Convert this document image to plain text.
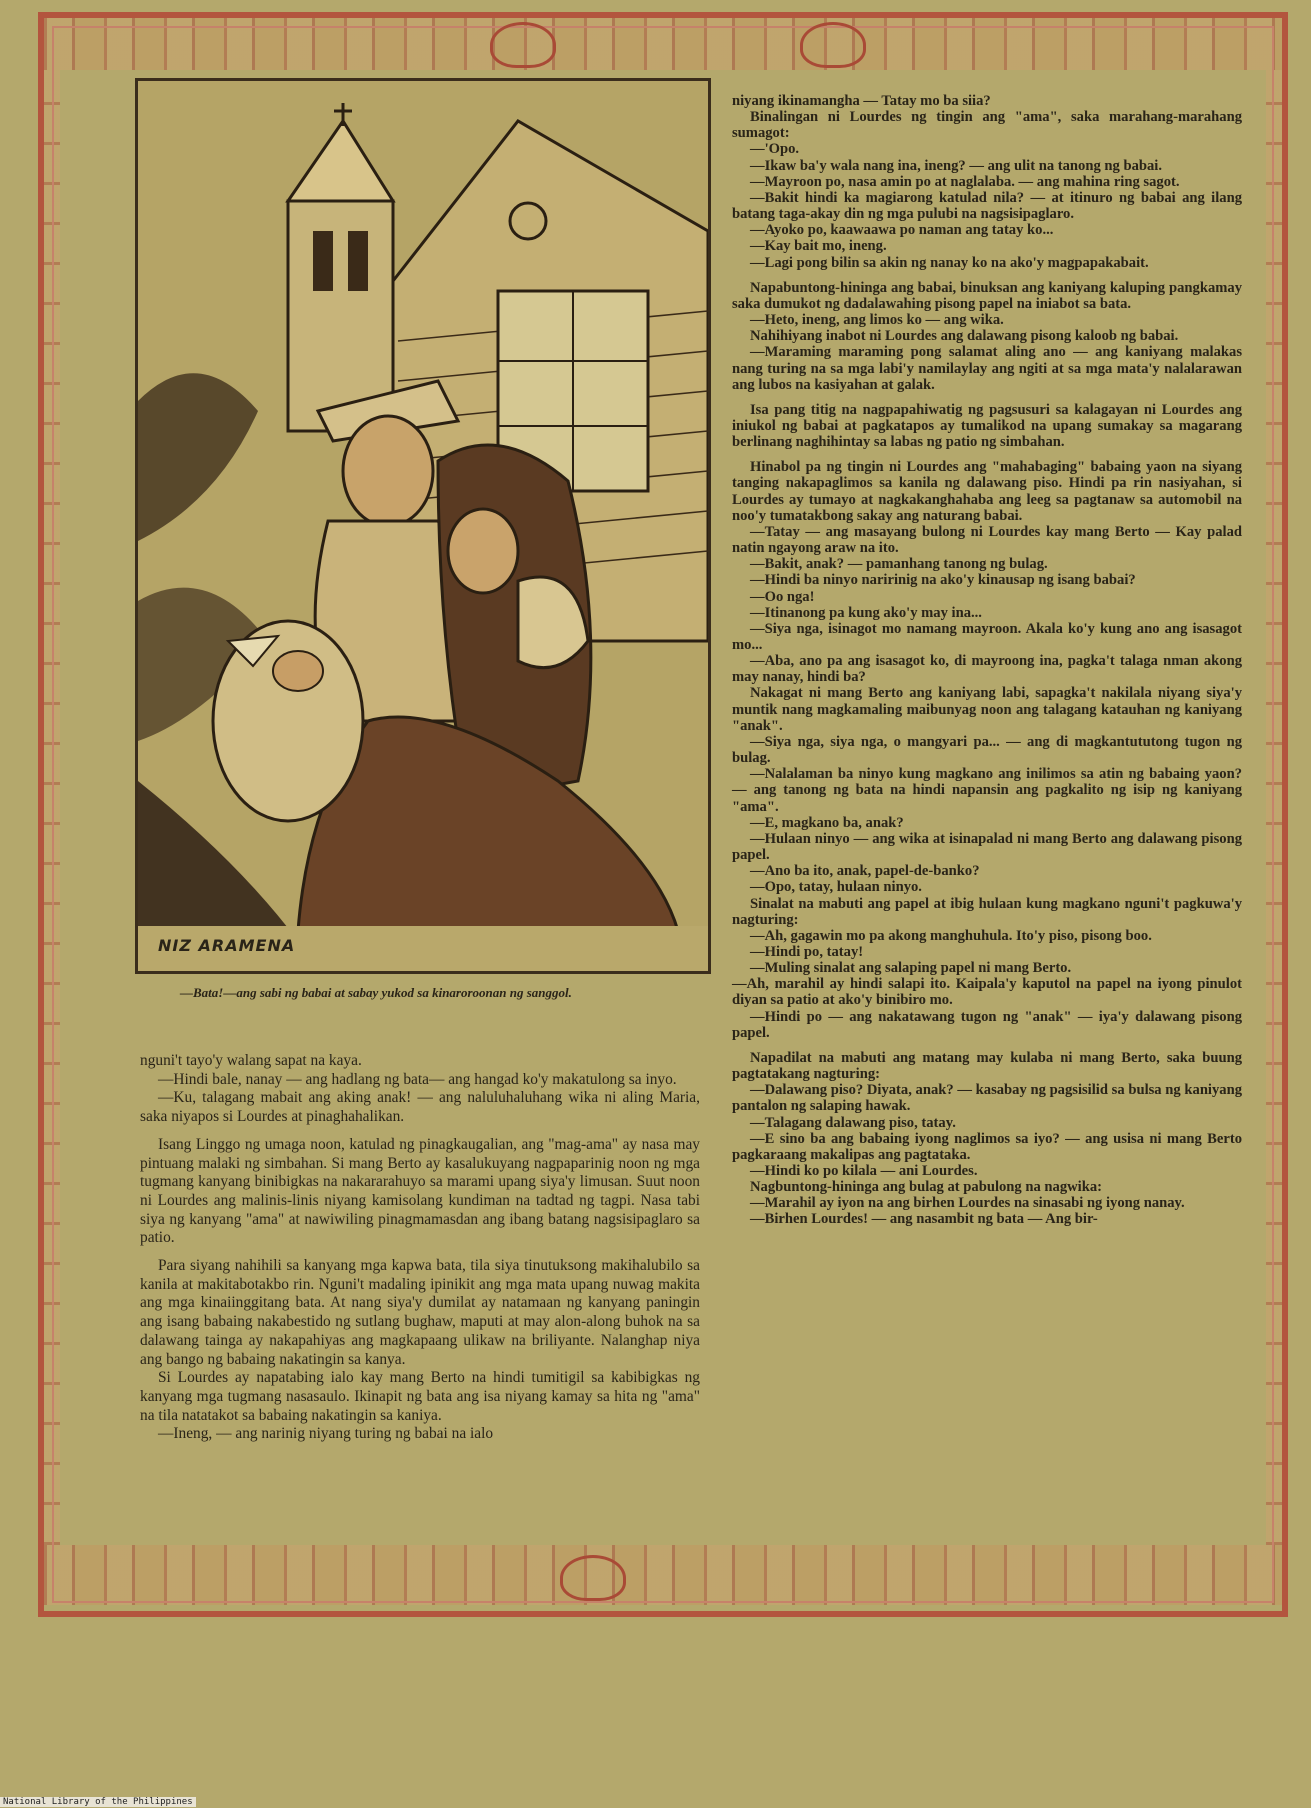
NIZ ARAMENA
—Bata!—ang sabi ng babai at sabay yukod sa kinaroroonan ng sanggol.

nguni't tayo'y walang sapat na kaya.

—Hindi bale, nanay — ang hadlang ng bata— ang hangad ko'y makatulong sa inyo.

—Ku, talagang mabait ang aking anak! — ang naluluhaluhang wika ni aling Maria, saka niyapos si Lourdes at pinaghahalikan.

Isang Linggo ng umaga noon, katulad ng pinagkaugalian, ang "mag-ama" ay nasa may pintuang malaki ng simbahan. Si mang Berto ay kasalukuyang nagpaparinig noon ng mga tugmang kanyang binibigkas na nakararahuyo sa marami upang siya'y limusan. Suut noon ni Lourdes ang malinis-linis niyang kamisolang kundiman na tadtad ng tagpi. Nasa tabi siya ng kanyang "ama" at nawiwiling pinagmamasdan ang ibang batang nagsisipaglaro sa patio.

Para siyang nahihili sa kanyang mga kapwa bata, tila siya tinutuksong makihalubilo sa kanila at makitabotakbo rin. Nguni't madaling ipinikit ang mga mata upang nuwag makita ang mga kinaiinggitang bata. At nang siya'y dumilat ay natamaan ng kanyang paningin ang isang babaing nakabestido ng sutlang bughaw, maputi at may alon-along buhok na sa dalawang tainga ay nakapahiyas ang magkapaang ulikaw na briliyante. Nalanghap niya ang bango ng babaing nakatingin sa kanya.

Si Lourdes ay napatabing ialo kay mang Berto na hindi tumitigil sa kabibigkas ng kanyang mga tugmang nasasaulo. Ikinapit ng bata ang isa niyang kamay sa hita ng "ama" na tila natatakot sa babaing nakatingin sa kaniya.

—Ineng, — ang narinig niyang turing ng babai na ialo

niyang ikinamangha — Tatay mo ba siia?

Binalingan ni Lourdes ng tingin ang "ama", saka marahang-marahang sumagot:

—'Opo.

—Ikaw ba'y wala nang ina, ineng? — ang ulit na tanong ng babai.

—Mayroon po, nasa amin po at naglalaba. — ang mahina ring sagot.

—Bakit hindi ka magiarong katulad nila? — at itinuro ng babai ang ilang batang taga-akay din ng mga pulubi na nagsisipaglaro.

—Ayoko po, kaawaawa po naman ang tatay ko...

—Kay bait mo, ineng.

—Lagi pong bilin sa akin ng nanay ko na ako'y magpapakabait.

Napabuntong-hininga ang babai, binuksan ang kaniyang kaluping pangkamay saka dumukot ng dadalawahing pisong papel na iniabot sa bata.

—Heto, ineng, ang limos ko — ang wika.

Nahihiyang inabot ni Lourdes ang dalawang pisong kaloob ng babai.

—Maraming maraming pong salamat aling ano — ang kaniyang malakas nang turing na sa mga labi'y namilaylay ang ngiti at sa mga mata'y nalalarawan ang lubos na kasiyahan at galak.

Isa pang titig na nagpapahiwatig ng pagsusuri sa kalagayan ni Lourdes ang iniukol ng babai at pagkatapos ay tumalikod na upang sumakay sa magarang berlinang naghihintay sa labas ng patio ng simbahan.

Hinabol pa ng tingin ni Lourdes ang "mahabaging" babaing yaon na siyang tanging nakapaglimos sa kanila ng dalawang piso. Hindi pa rin nasiyahan, si Lourdes ay tumayo at nagkakanghahaba ang leeg sa pagtanaw sa automobil na noo'y tumatakbong sakay ang naturang babai.

—Tatay — ang masayang bulong ni Lourdes kay mang Berto — Kay palad natin ngayong araw na ito.

—Bakit, anak? — pamanhang tanong ng bulag.

—Hindi ba ninyo naririnig na ako'y kinausap ng isang babai?

—Oo nga!

—Itinanong pa kung ako'y may ina...

—Siya nga, isinagot mo namang mayroon. Akala ko'y kung ano ang isasagot mo...

—Aba, ano pa ang isasagot ko, di mayroong ina, pagka't talaga nman akong may nanay, hindi ba?

Nakagat ni mang Berto ang kaniyang labi, sapagka't nakilala niyang siya'y muntik nang magkamaling maibunyag noon ang talagang katauhan ng kaniyang "anak".

—Siya nga, siya nga, o mangyari pa... — ang di magkantututong tugon ng bulag.

—Nalalaman ba ninyo kung magkano ang inilimos sa atin ng babaing yaon? — ang tanong ng bata na hindi napansin ang pagkalito ng isip ng kaniyang "ama".

—E, magkano ba, anak?

—Hulaan ninyo — ang wika at isinapalad ni mang Berto ang dalawang pisong papel.

—Ano ba ito, anak, papel-de-banko?

—Opo, tatay, hulaan ninyo.

Sinalat na mabuti ang papel at ibig hulaan kung magkano nguni't pagkuwa'y nagturing:

—Ah, gagawin mo pa akong manghuhula. Ito'y piso, pisong boo.

—Hindi po, tatay!

—Muling sinalat ang salaping papel ni mang Berto.

—Ah, marahil ay hindi salapi ito. Kaipala'y kaputol na papel na iyong pinulot diyan sa patio at ako'y binibiro mo.

—Hindi po — ang nakatawang tugon ng "anak" — iya'y dalawang pisong papel.

Napadilat na mabuti ang matang may kulaba ni mang Berto, saka buung pagtatakang nagturing:

—Dalawang piso? Diyata, anak? — kasabay ng pagsisilid sa bulsa ng kaniyang pantalon ng salaping hawak.

—Talagang dalawang piso, tatay.

—E sino ba ang babaing iyong naglimos sa iyo? — ang usisa ni mang Berto pagkaraang makalipas ang pagtataka.

—Hindi ko po kilala — ani Lourdes.

Nagbuntong-hininga ang bulag at pabulong na nagwika:

—Marahil ay iyon na ang birhen Lourdes na sinasabi ng iyong nanay.

—Birhen Lourdes! — ang nasambit ng bata — Ang bir-

National Library of the Philippines
